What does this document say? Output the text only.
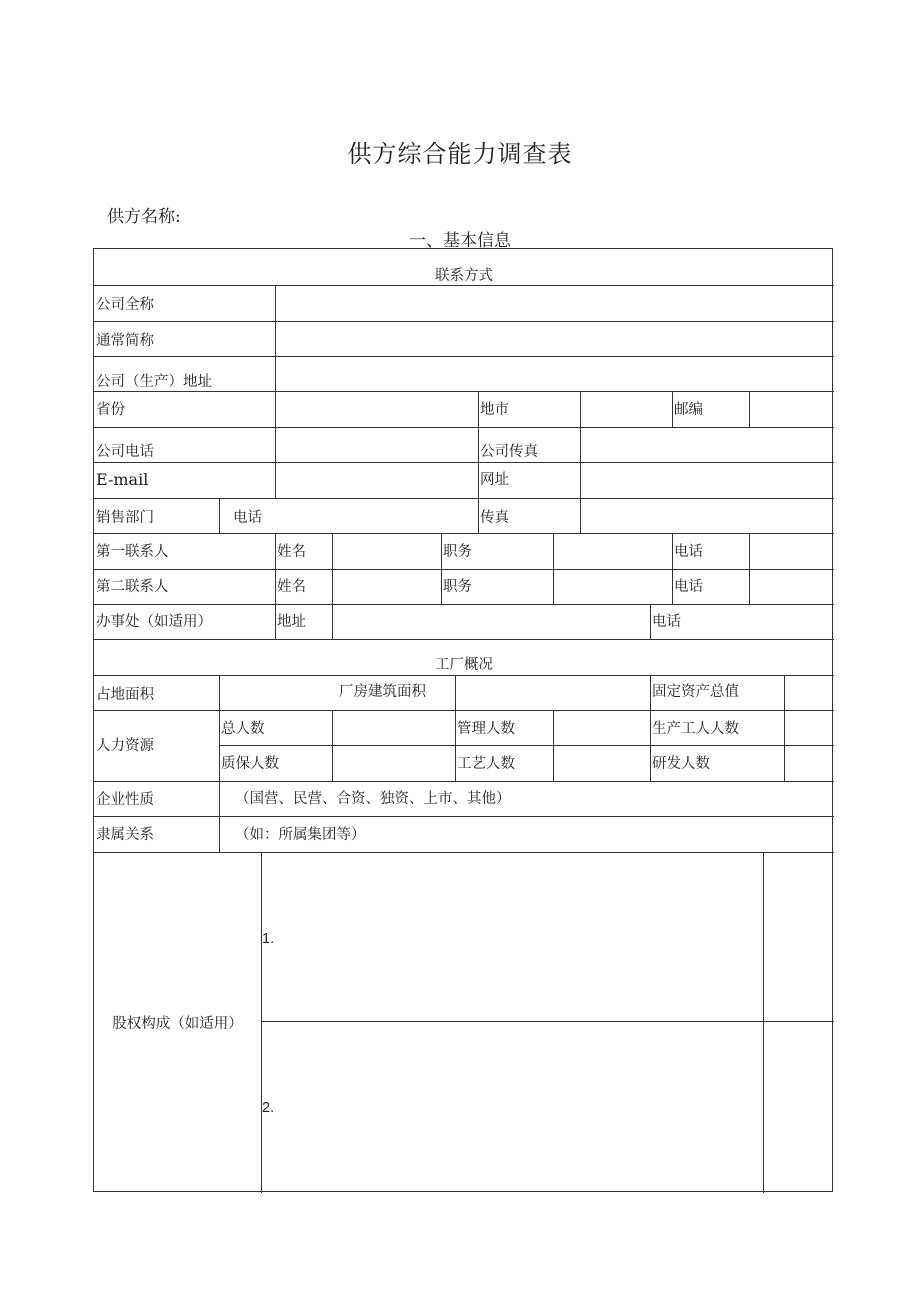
供方综合能力调查表
供方名称:
一、基本信息
联系方式
公司全称
通常简称
公司（生产）地址
省份	地市	邮编
公司电话	公司传真
E-mail	网址
销售部门	电话	传真
第一联系人	姓名	职务	电话
第二联系人	姓名	职务	电话
办事处（如适用）	地址	电话
工厂概况
占地面积	厂房建筑面积	固定资产总值
人力资源
总人数	管理人数	生产工人人数
质保人数	工艺人数	研发人数
企业性质	（国营、民营、合资、独资、上市、其他）
隶属关系	（如：所属集团等）
股权构成（如适用）
1.
2.
